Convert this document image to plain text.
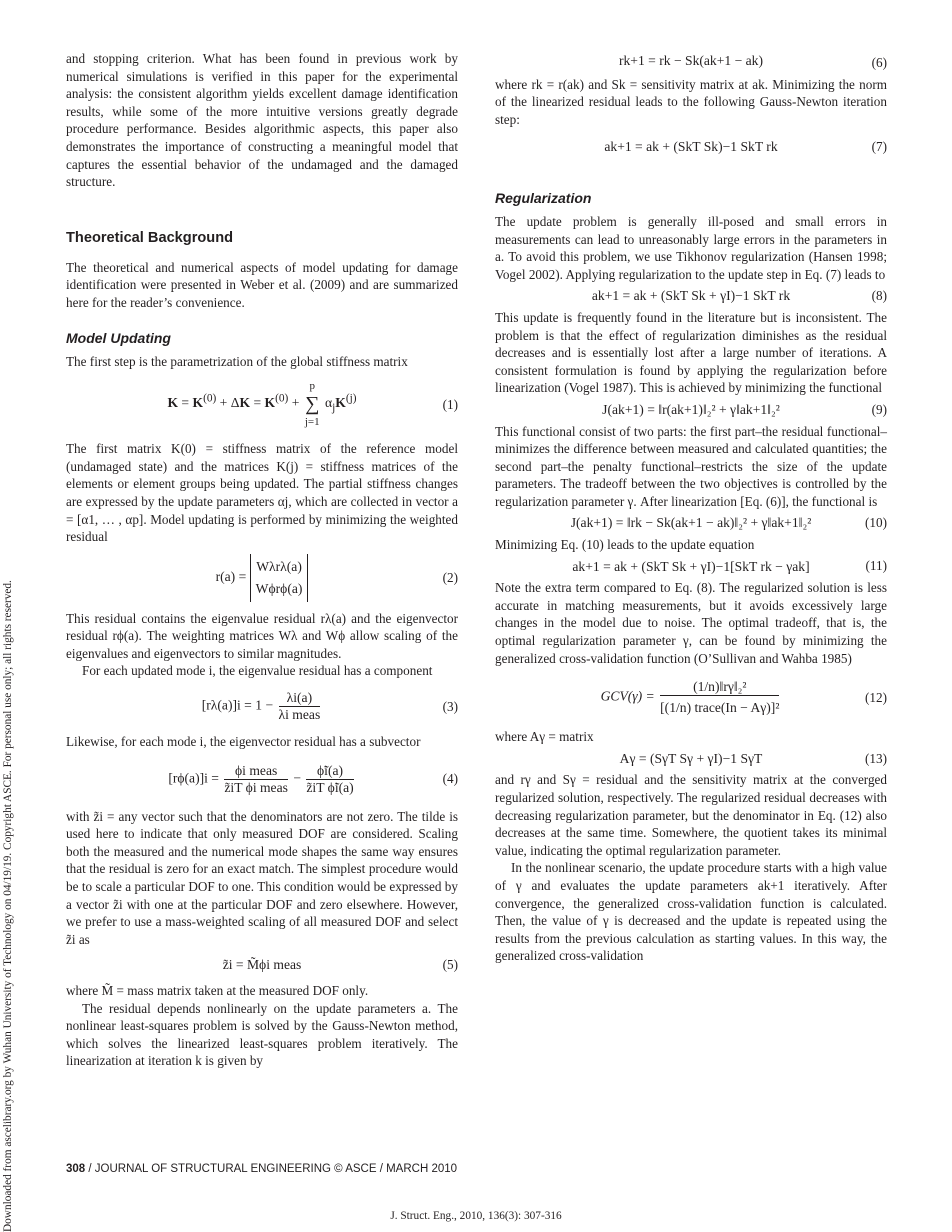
Downloaded from ascelibrary.org by Wuhan University of Technology on 04/19/19. Copyright ASCE. For personal use only; all rights reserved.

and stopping criterion. What has been found in previous work by numerical simulations is verified in this paper for the experimental analysis: the consistent algorithm yields excellent damage identification results, while some of the more intuitive versions greatly degrade procedure performance. Besides algorithmic aspects, this paper also demonstrates the importance of constructing a meaningful model that captures the essential behavior of the undamaged and the damaged structure.

Theoretical Background

The theoretical and numerical aspects of model updating for damage identification were presented in Weber et al. (2009) and are summarized here for the reader’s convenience.

Model Updating

The first step is the parametrization of the global stiffness matrix

$K = K^{(0)} + \Delta K = K^{(0)}$ +
p
∑
j=1
$\alpha_jK^{(j)}$	(1)

The first matrix K(0) = stiffness matrix of the reference model (undamaged state) and the matrices K(j) = stiffness matrices of the elements or element groups being updated. The partial stiffness changes are expressed by the update parameters αj, which are collected in vector a = [α1, … , αp]. Model updating is performed by minimizing the weighted residual

r(a) =
Wλrλ(a)
Wϕrϕ(a)
(2)

This residual contains the eigenvalue residual rλ(a) and the eigenvector residual rϕ(a). The weighting matrices Wλ and Wϕ allow scaling of the eigenvalues and eigenvectors to similar magnitudes.

For each updated mode i, the eigenvalue residual has a component

$[r\lambda(a)]i = 1 - \frac{\lambda i(a)}{\text{λi meas}}$	(3)

Likewise, for each mode i, the eigenvector residual has a subvector

$[r\phi(a)]i = \frac{\text{ϕi meas}}{\text{z̃iT ϕi meas}} - \frac{\phĩi(a)}{\text{z̃iT ϕ̃i(a)}}$	(4)

with z̃i = any vector such that the denominators are not zero. The tilde is used here to indicate that only measured DOF are considered. Scaling both the measured and the numerical mode shapes the same way ensures that the residual is zero for an exact match. The simplest procedure would be to scale a particular DOF to one. This condition would be expressed by a vector z̃i with one at the particular DOF and zero elsewhere. However, we prefer to use a mass-weighted scaling of all measured DOF and select z̃i as

z̃i = M̃ϕi meas	(5)

where M̃ = mass matrix taken at the measured DOF only.

The residual depends nonlinearly on the update parameters a. The nonlinear least-squares problem is solved by the Gauss-Newton method, which solves the linearized least-squares problem iteratively. The linearization at iteration k is given by

rk+1 = rk − Sk(ak+1 − ak)	(6)

where rk = r(ak) and Sk = sensitivity matrix at ak. Minimizing the norm of the linearized residual leads to the following Gauss-Newton iteration step:

ak+1 = ak + (SkT Sk)−1 SkT rk	(7)
Regularization

The update problem is generally ill-posed and small errors in measurements can lead to unreasonably large errors in the parameters in a. To avoid this problem, we use Tikhonov regularization (Hansen 1998; Vogel 2002). Applying regularization to the update step in Eq. (7) leads to

ak+1 = ak + (SkT Sk + γI)−1 SkT rk	(8)

This update is frequently found in the literature but is inconsistent. The problem is that the effect of regularization diminishes as the residual decreases and is essentially lost after a large number of iterations. A consistent formulation is found by applying the regularization before linearization (Vogel 1987). This is achieved by minimizing the functional

J(ak+1) = ‖r(ak+1)‖₂² + γ‖ak+1‖₂²	(9)

This functional consist of two parts: the first part–the residual functional–minimizes the difference between measured and calculated quantities; the second part–the penalty functional–restricts the size of the update parameters. The tradeoff between the two objectives is controlled by the regularization parameter γ. After linearization [Eq. (6)], the functional is

J(ak+1) = ‖rk − Sk(ak+1 − ak)‖₂² + γ‖ak+1‖₂²	(10)

Minimizing Eq. (10) leads to the update equation

ak+1 = ak + (SkT Sk + γI)−1[SkT rk − γak]	(11)

Note the extra term compared to Eq. (8). The regularized solution is less accurate in matching measurements, but it avoids excessively large changes in the model due to noise. The optimal tradeoff, that is, the optimal regularization parameter γ, can be found by minimizing the generalized cross-validation function (O’Sullivan and Wahba 1985)

$GCV(\gamma) = \frac{\text{(1/n)‖rγ‖₂²}}{\text{[(1/n) trace(In − Aγ)]²}}$	(12)

where Aγ = matrix

Aγ = (SγT Sγ + γI)−1 SγT	(13)

and rγ and Sγ = residual and the sensitivity matrix at the converged regularized solution, respectively. The regularized residual decreases with decreasing regularization parameter, but the denominator in Eq. (12) also decreases at the same time. Somewhere, the quotient takes its minimal value, indicating the optimal regularization parameter.

In the nonlinear scenario, the update procedure starts with a high value of γ and evaluates the update parameters ak+1 iteratively. After convergence, the generalized cross-validation function is calculated. Then, the value of γ is decreased and the update is repeated using the results from the previous calculation as starting values. In this way, the generalized cross-validation

308 / JOURNAL OF STRUCTURAL ENGINEERING © ASCE / MARCH 2010
J. Struct. Eng., 2010, 136(3): 307-316
